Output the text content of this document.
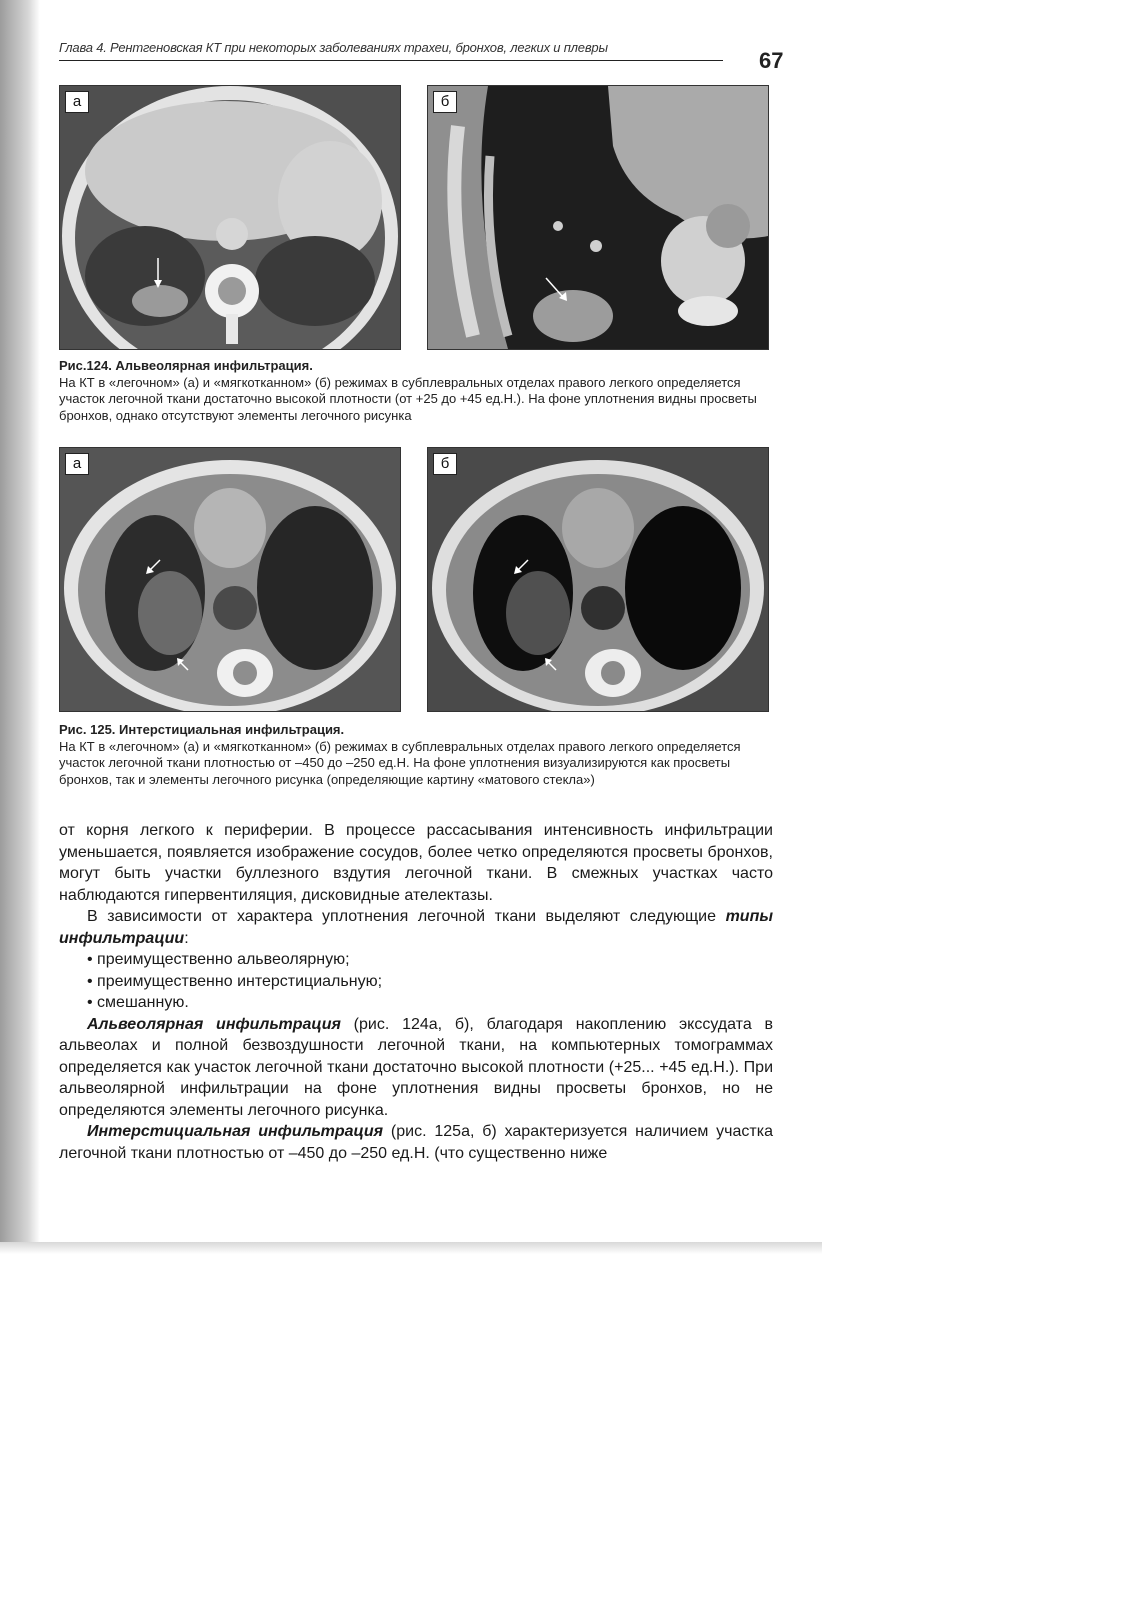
Глава 4. Рентгеновская КТ при некоторых заболеваниях трахеи, бронхов, легких и плевры
67
а	б
Рис.124. Альвеолярная инфильтрация.
На КТ в «легочном» (а) и «мягкотканном» (б) режимах в субплевральных отделах правого легкого определяется участок легочной ткани достаточно высокой плотности (от +25 до +45 ед.Н.). На фоне уплотнения видны просветы бронхов, однако отсутствуют элементы легочного рисунка
а	б
Рис. 125. Интерстициальная инфильтрация.
На КТ в «легочном» (а) и «мягкотканном» (б) режимах в субплевральных отделах правого легкого определяется участок легочной ткани плотностью от –450 до –250 ед.Н. На фоне уплотнения визуализируются как просветы бронхов, так и элементы легочного рисунка (определяющие картину «матового стекла»)

от корня легкого к периферии. В процессе рассасывания интенсивность инфильтрации уменьшается, появляется изображение сосудов, более четко определяются просветы бронхов, могут быть участки буллезного вздутия легочной ткани. В смежных участках часто наблюдаются гипервентиляция, дисковидные ателектазы.

В зависимости от характера уплотнения легочной ткани выделяют следующие типы инфильтрации:

• преимущественно альвеолярную;
• преимущественно интерстициальную;
• смешанную.

Альвеолярная инфильтрация (рис. 124а, б), благодаря накоплению экссудата в альвеолах и полной безвоздушности легочной ткани, на компьютерных томограммах определяется как участок легочной ткани достаточно высокой плотности (+25... +45 ед.Н.). При альвеолярной инфильтрации на фоне уплотнения видны просветы бронхов, но не определяются элементы легочного рисунка.

Интерстициальная инфильтрация (рис. 125а, б) характеризуется наличием участка легочной ткани плотностью от –450 до –250 ед.Н. (что существенно ниже
